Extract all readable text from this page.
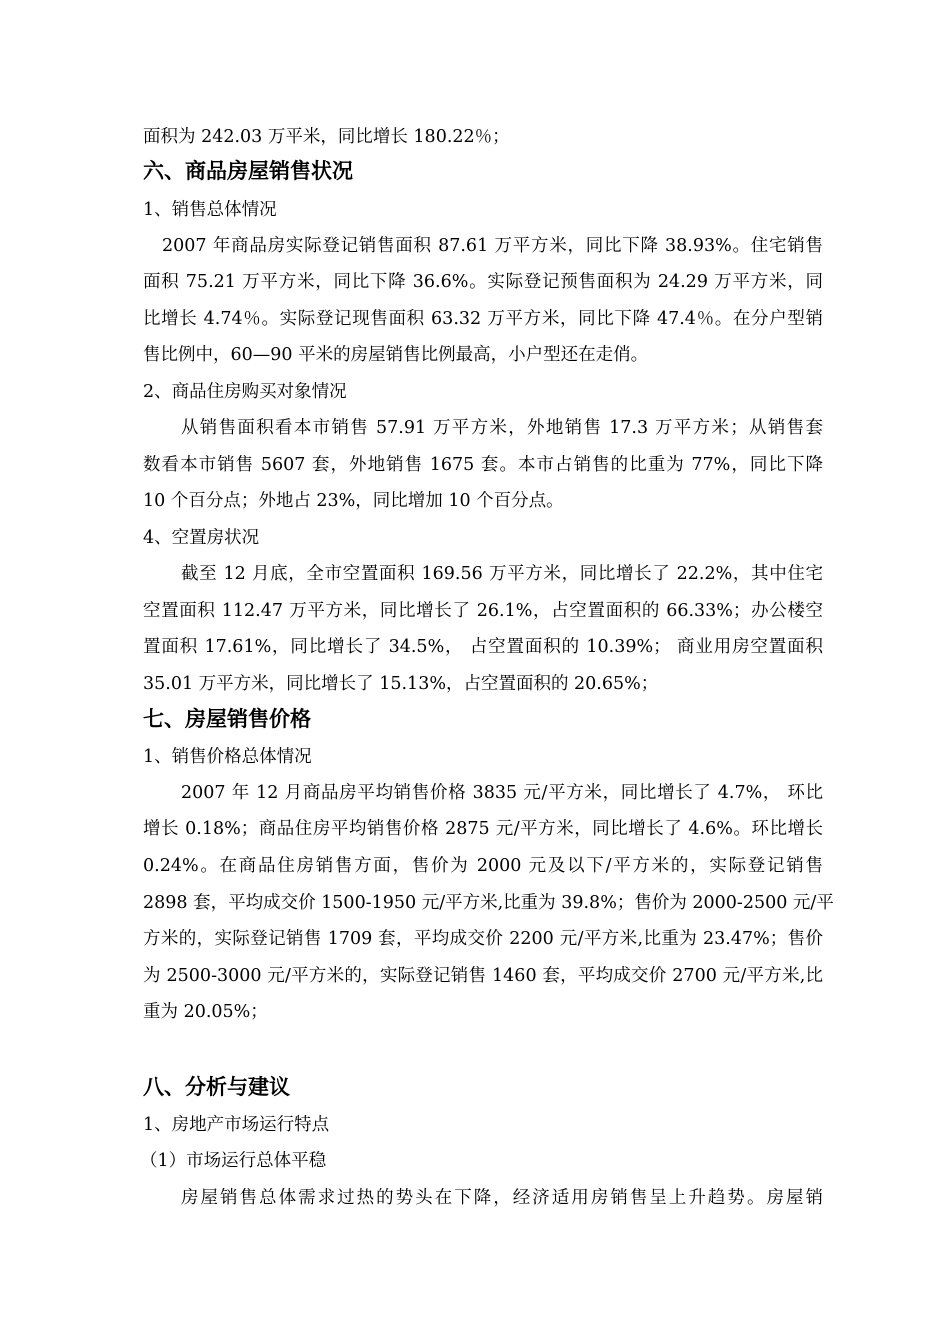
面积为 242.03 万平米，同比增长 180.22％；
六、商品房屋销售状况
1、销售总体情况
2007 年商品房实际登记销售面积 87.61 万平方米，同比下降 38.93%。住宅销售
面积 75.21 万平方米，同比下降 36.6%。实际登记预售面积为 24.29 万平方米，同
比增长 4.74％。实际登记现售面积 63.32 万平方米，同比下降 47.4％。在分户型销
售比例中，60—90 平米的房屋销售比例最高，小户型还在走俏。
2、商品住房购买对象情况
从销售面积看本市销售 57.91 万平方米，外地销售 17.3 万平方米；从销售套
数看本市销售 5607 套，外地销售 1675 套。本市占销售的比重为 77%，同比下降
10 个百分点；外地占 23%，同比增加 10 个百分点。
4、空置房状况
截至 12 月底，全市空置面积 169.56 万平方米，同比增长了 22.2%，其中住宅
空置面积 112.47 万平方米，同比增长了 26.1%，占空置面积的 66.33%；办公楼空
置面积 17.61%，同比增长了 34.5%， 占空置面积的 10.39%； 商业用房空置面积
35.01 万平方米，同比增长了 15.13%，占空置面积的 20.65%；
七、房屋销售价格
1、销售价格总体情况
2007 年 12 月商品房平均销售价格 3835 元/平方米，同比增长了 4.7%， 环比
增长 0.18%；商品住房平均销售价格 2875 元/平方米，同比增长了 4.6%。环比增长
0.24%。在商品住房销售方面，售价为 2000 元及以下/平方米的，实际登记销售
2898 套，平均成交价 1500-1950 元/平方米,比重为 39.8%；售价为 2000-2500 元/平
方米的，实际登记销售 1709 套，平均成交价 2200 元/平方米,比重为 23.47%；售价
为 2500-3000 元/平方米的，实际登记销售 1460 套，平均成交价 2700 元/平方米,比
重为 20.05%；
八、分析与建议
1、房地产市场运行特点
（1）市场运行总体平稳
房屋销售总体需求过热的势头在下降，经济适用房销售呈上升趋势。房屋销
